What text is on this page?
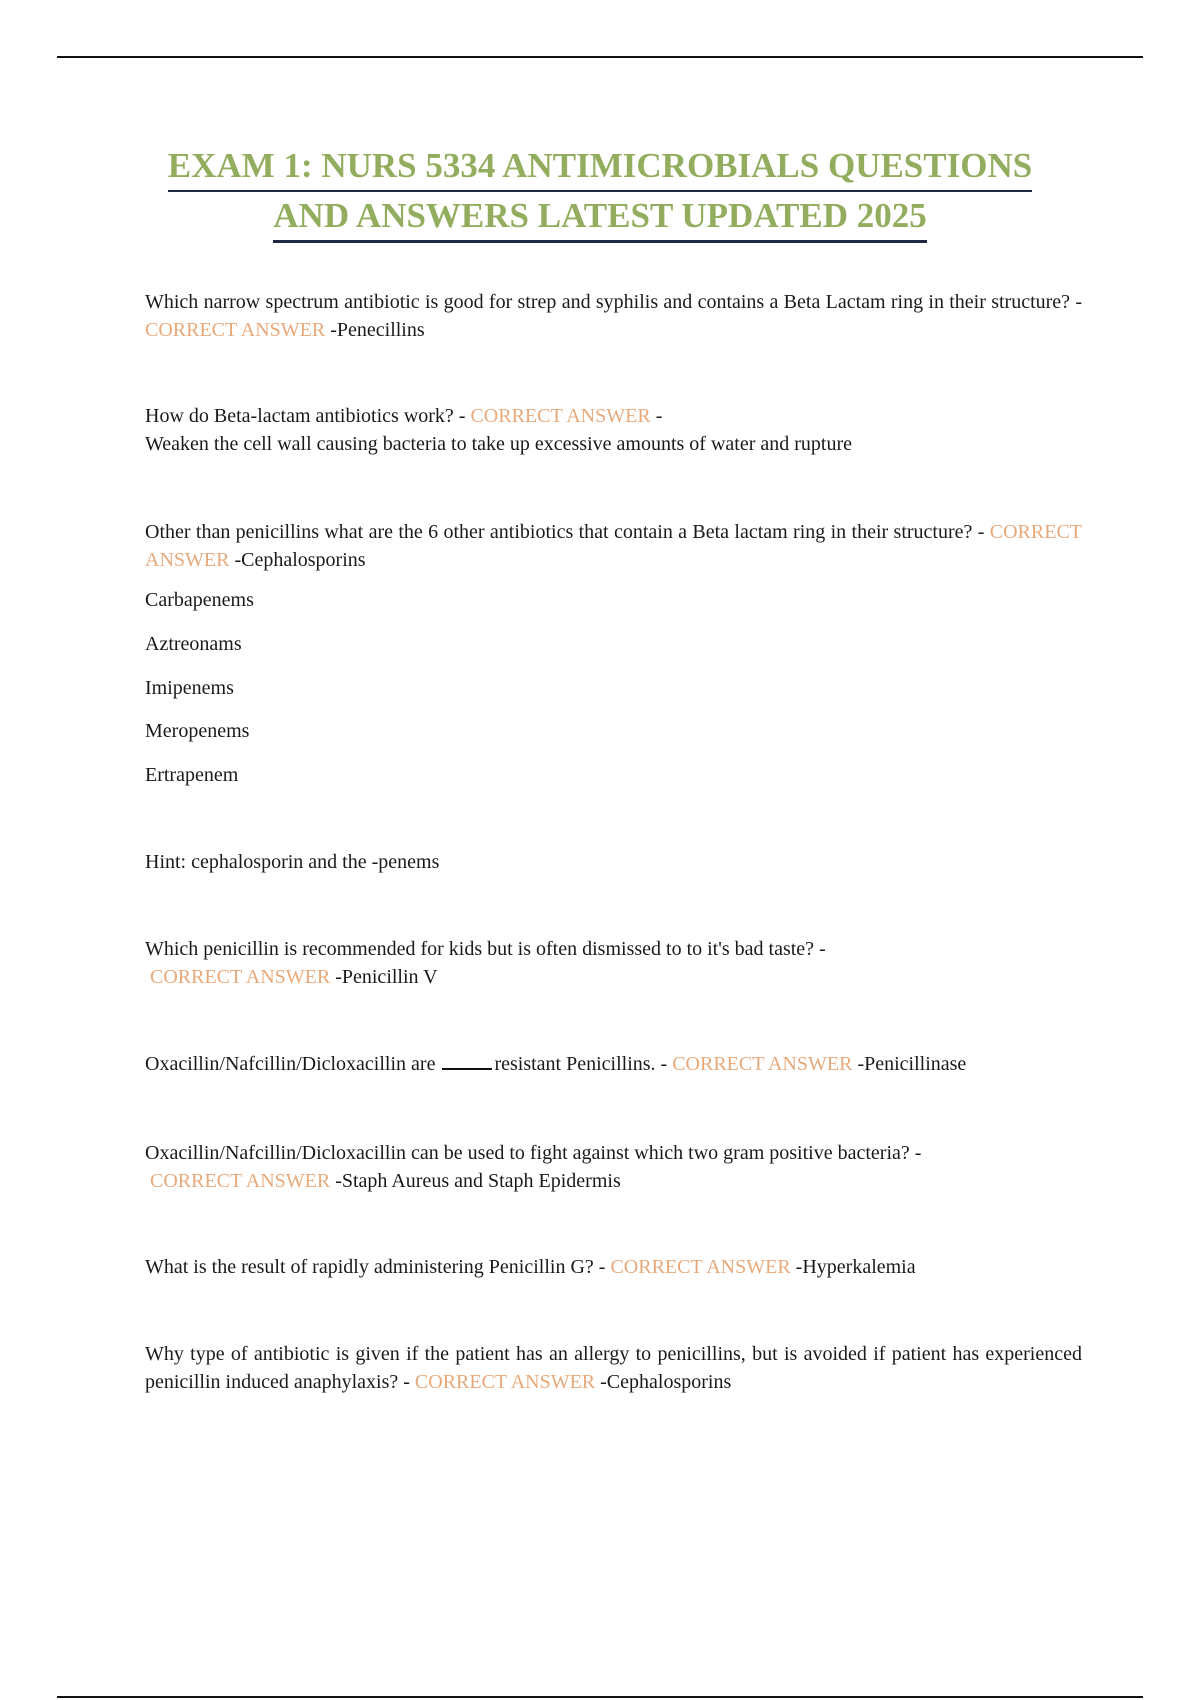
EXAM 1: NURS 5334 ANTIMICROBIALS QUESTIONS
AND ANSWERS LATEST UPDATED 2025

Which narrow spectrum antibiotic is good for strep and syphilis and contains a Beta Lactam ring in their structure? - CORRECT ANSWER -Penecillins

How do Beta-lactam antibiotics work? - CORRECT ANSWER -

Weaken the cell wall causing bacteria to take up excessive amounts of water and rupture

Other than penicillins what are the 6 other antibiotics that contain a Beta lactam ring in their structure? - CORRECT ANSWER -Cephalosporins

Carbapenems
Aztreonams
Imipenems
Meropenems
Ertrapenem
Hint: cephalosporin and the -penems

Which penicillin is recommended for kids but is often dismissed to to it's bad taste? -
CORRECT ANSWER -Penicillin V

Oxacillin/Nafcillin/Dicloxacillin are	resistant Penicillins. - CORRECT ANSWER -Penicillinase

Oxacillin/Nafcillin/Dicloxacillin can be used to fight against which two gram positive bacteria? -
CORRECT ANSWER -Staph Aureus and Staph Epidermis

What is the result of rapidly administering Penicillin G? - CORRECT ANSWER -Hyperkalemia

Why type of antibiotic is given if the patient has an allergy to penicillins, but is avoided if patient has experienced penicillin induced anaphylaxis? - CORRECT ANSWER -Cephalosporins
